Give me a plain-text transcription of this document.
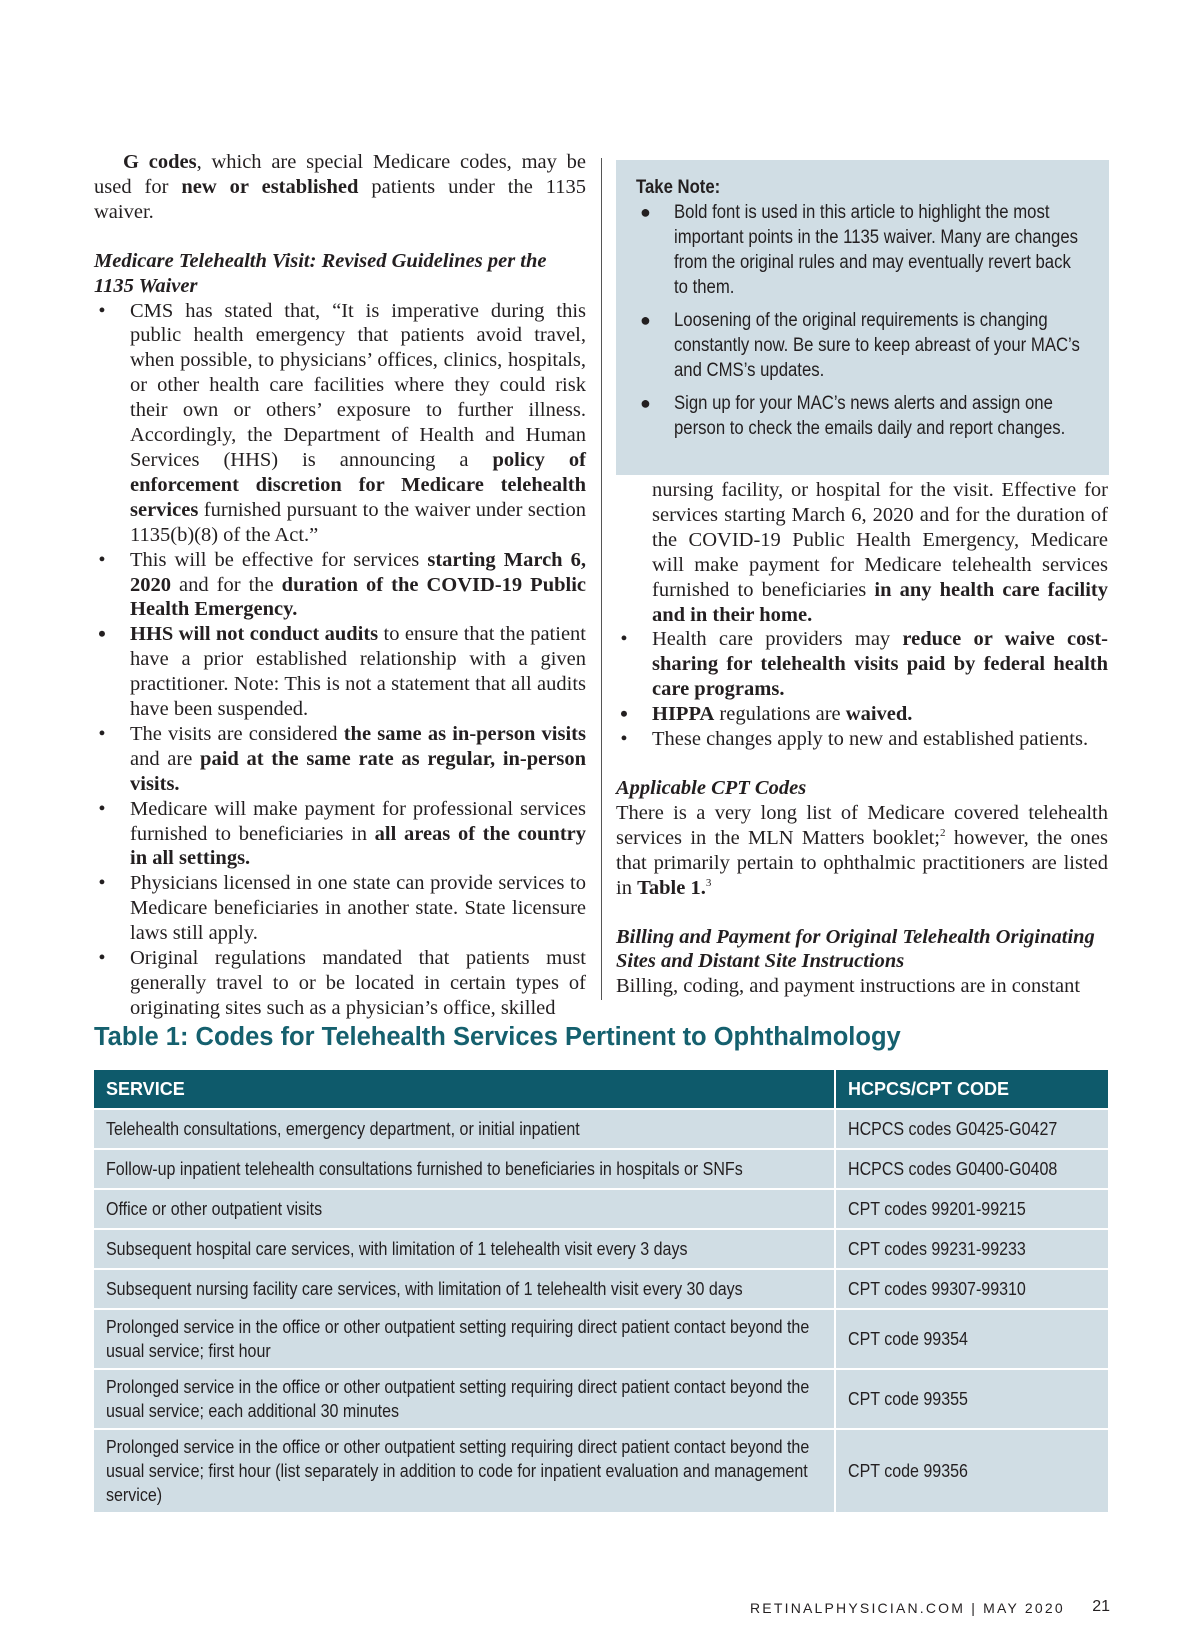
G codes, which are special Medicare codes, may be used for new or established patients under the 1135 waiver.

Medicare Telehealth Visit: Revised Guidelines per the 1135 Waiver

• CMS has stated that, “It is imperative during this public health emergency that patients avoid travel, when possible, to physicians’ offices, clinics, hospitals, or other health care facilities where they could risk their own or others’ exposure to further illness. Accordingly, the Department of Health and Human Services (HHS) is announcing a policy of enforcement discretion for Medicare telehealth services furnished pursuant to the waiver under section 1135(b)(8) of the Act.”
• This will be effective for services starting March 6, 2020 and for the duration of the COVID-19 Public Health Emergency.
• HHS will not conduct audits to ensure that the patient have a prior established relationship with a given practitioner. Note: This is not a statement that all audits have been suspended.
• The visits are considered the same as in-person visits and are paid at the same rate as regular, in-person visits.
• Medicare will make payment for professional services furnished to beneficiaries in all areas of the country in all settings.
• Physicians licensed in one state can provide services to Medicare beneficiaries in another state. State licensure laws still apply.
• Original regulations mandated that patients must generally travel to or be located in certain types of originating sites such as a physician’s office, skilled
Take Note:
● Bold font is used in this article to highlight the most important points in the 1135 waiver. Many are changes from the original rules and may eventually revert back to them.
● Loosening of the original requirements is changing constantly now. Be sure to keep abreast of your MAC’s and CMS’s updates.
● Sign up for your MAC’s news alerts and assign one person to check the emails daily and report changes.
nursing facility, or hospital for the visit. Effective for services starting March 6, 2020 and for the duration of the COVID-19 Public Health Emergency, Medicare will make payment for Medicare telehealth services furnished to beneficiaries in any health care facility and in their home.
• Health care providers may reduce or waive cost-sharing for telehealth visits paid by federal health care programs.
• HIPPA regulations are waived.
• These changes apply to new and established patients.

Applicable CPT Codes

There is a very long list of Medicare covered telehealth services in the MLN Matters booklet;$^2$ however, the ones that primarily pertain to ophthalmic practitioners are listed in Table 1.$^3$

Billing and Payment for Original Telehealth Originating Sites and Distant Site Instructions

Billing, coding, and payment instructions are in constant

Table 1: Codes for Telehealth Services Pertinent to Ophthalmology
SERVICE	HCPCS/CPT CODE

Telehealth consultations, emergency department, or initial inpatient	HCPCS codes G0425-G0427

Follow-up inpatient telehealth consultations furnished to beneficiaries in hospitals or SNFs	HCPCS codes G0400-G0408

Office or other outpatient visits	CPT codes 99201-99215

Subsequent hospital care services, with limitation of 1 telehealth visit every 3 days	CPT codes 99231-99233

Subsequent nursing facility care services, with limitation of 1 telehealth visit every 30 days	CPT codes 99307-99310

Prolonged service in the office or other outpatient setting requiring direct patient contact beyond the usual service; first hour	CPT code 99354

Prolonged service in the office or other outpatient setting requiring direct patient contact beyond the usual service; each additional 30 minutes	CPT code 99355

Prolonged service in the office or other outpatient setting requiring direct patient contact beyond the usual service; first hour (list separately in addition to code for inpatient evaluation and management service)	CPT code 99356
RETINALPHYSICIAN.COM | MAY 2020 21
